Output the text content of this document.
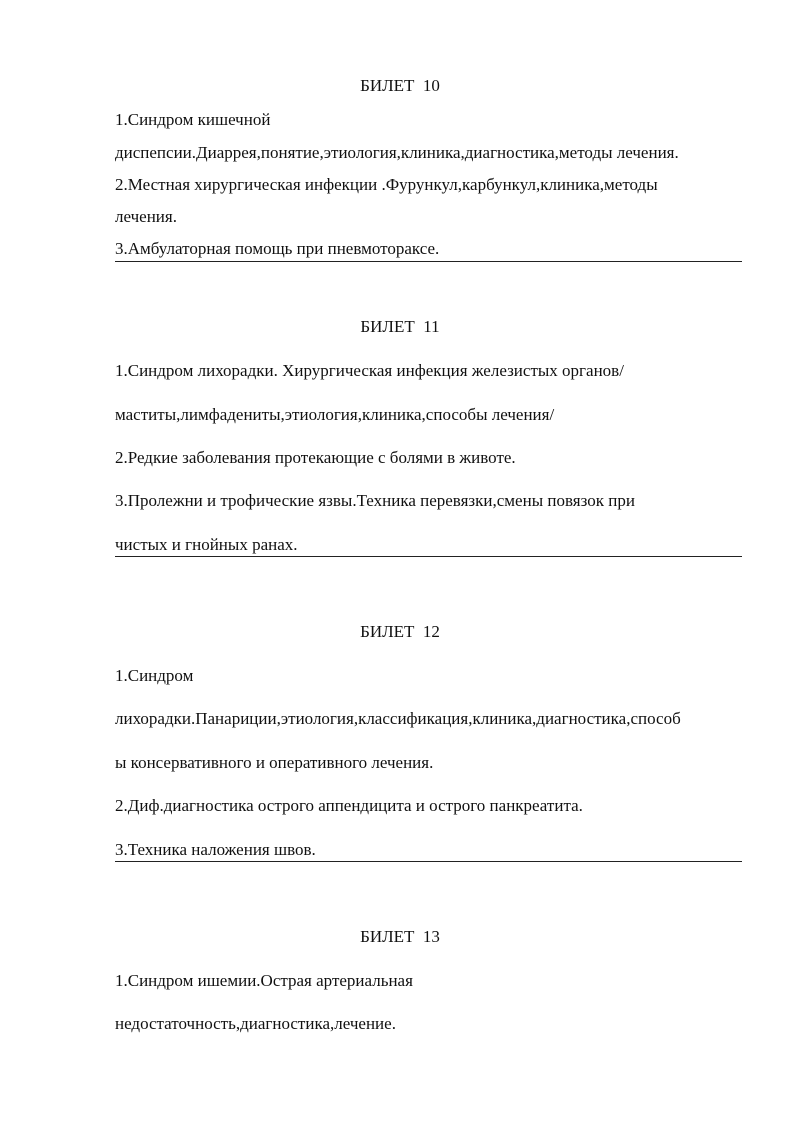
БИЛЕТ  10
1.Синдром кишечной
диспепсии.Диаррея,понятие,этиология,клиника,диагностика,методы лечения.
2.Местная хирургическая инфекции .Фурункул,карбункул,клиника,методы
лечения.
3.Амбулаторная помощь при пневмотораксе.
БИЛЕТ  11
1.Синдром лихорадки. Хирургическая инфекция железистых органов/
маститы,лимфадениты,этиология,клиника,способы лечения/
2.Редкие заболевания протекающие с болями в животе.
3.Пролежни и трофические язвы.Техника перевязки,смены повязок при
чистых и гнойных ранах.
БИЛЕТ  12
1.Синдром
лихорадки.Панариции,этиология,классификация,клиника,диагностика,способ
ы консервативного и оперативного лечения.
2.Диф.диагностика острого аппендицита и острого панкреатита.
3.Техника наложения швов.
БИЛЕТ  13
1.Синдром ишемии.Острая артериальная
недостаточность,диагностика,лечение.
